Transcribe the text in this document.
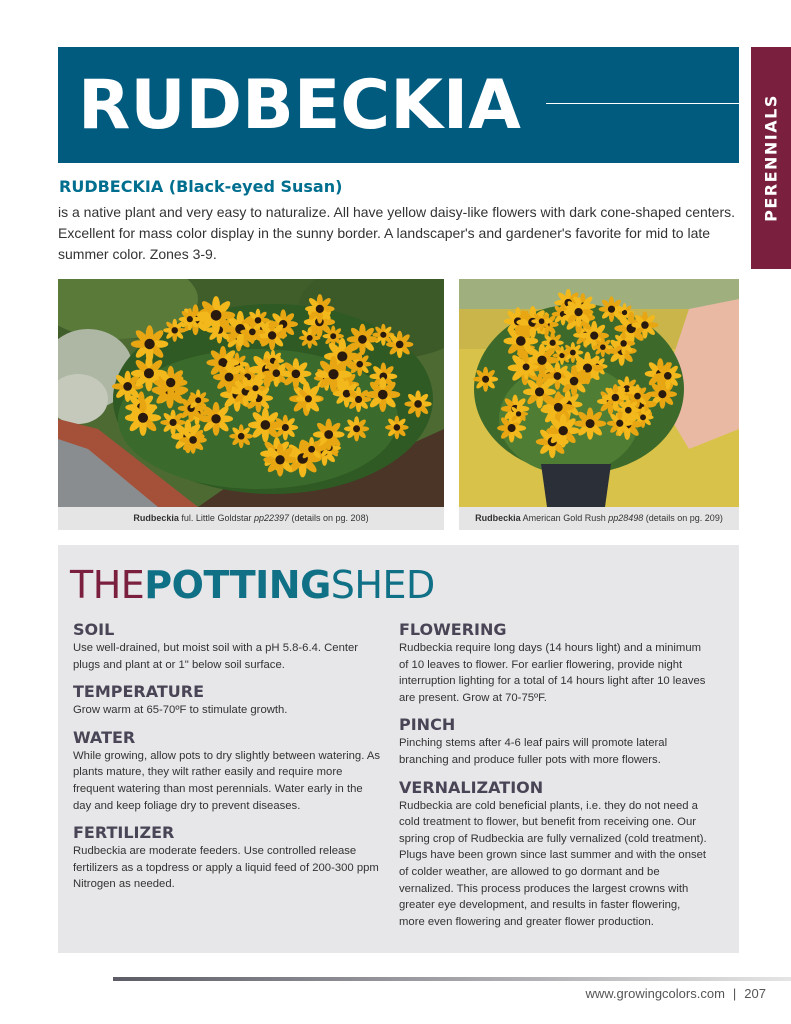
RUDBECKIA	PERENNIALS
RUDBECKIA (Black-eyed Susan)

is a native plant and very easy to naturalize. All have yellow daisy-like flowers with dark cone-shaped centers. Excellent for mass color display in the sunny border. A landscaper's and gardener's favorite for mid to late summer color. Zones 3-9.

Rudbeckia ful. Little Goldstar pp22397 (details on pg. 208)	Rudbeckia American Gold Rush pp28498 (details on pg. 209)
THEPOTTINGSHED
SOIL

Use well-drained, but moist soil with a pH 5.8-6.4. Center plugs and plant at or 1" below soil surface.

TEMPERATURE

Grow warm at 65-70ºF to stimulate growth.

WATER

While growing, allow pots to dry slightly between watering. As plants mature, they wilt rather easily and require more frequent watering than most perennials. Water early in the day and keep foliage dry to prevent diseases.

FERTILIZER

Rudbeckia are moderate feeders. Use controlled release fertilizers as a topdress or apply a liquid feed of 200-300 ppm Nitrogen as needed.

FLOWERING

Rudbeckia require long days (14 hours light) and a minimum of 10 leaves to flower. For earlier flowering, provide night interruption lighting for a total of 14 hours light after 10 leaves are present. Grow at 70-75ºF.

PINCH

Pinching stems after 4-6 leaf pairs will promote lateral branching and produce fuller pots with more flowers.

VERNALIZATION

Rudbeckia are cold beneficial plants, i.e. they do not need a cold treatment to flower, but benefit from receiving one. Our spring crop of Rudbeckia are fully vernalized (cold treatment). Plugs have been grown since last summer and with the onset of colder weather, are allowed to go dormant and be vernalized. This process produces the largest crowns with greater eye development, and results in faster flowering, more even flowering and greater flower production.

www.growingcolors.com | 207
